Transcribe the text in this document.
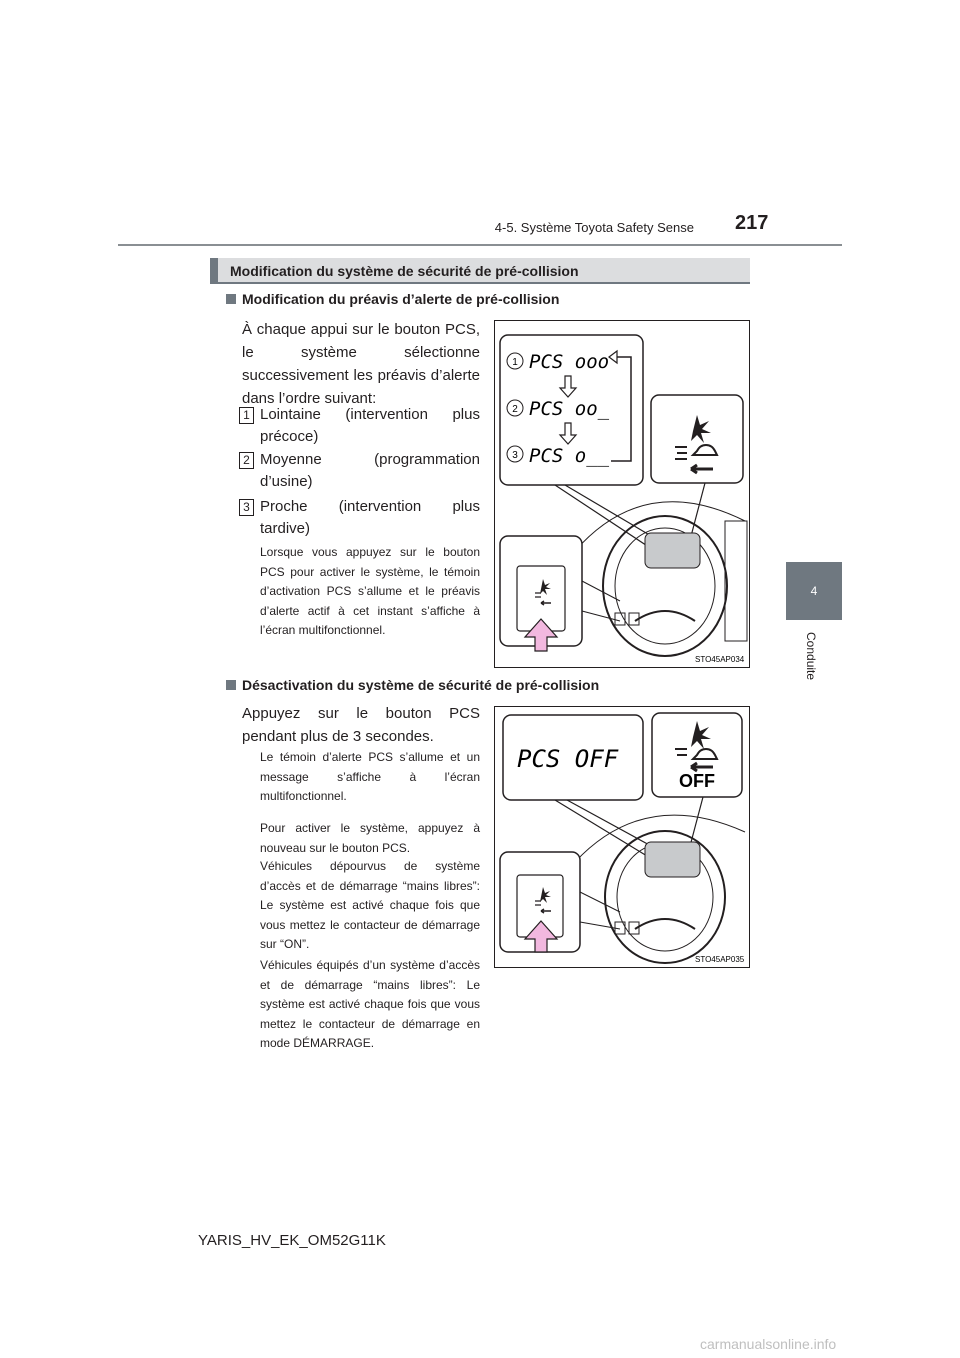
4-5. Système Toyota Safety Sense 217
4
Conduite
Modification du système de sécurité de pré-collision
Modification du préavis d’alerte de pré-collision
À chaque appui sur le bouton PCS, le système sélectionne successivement les préavis d’alerte dans l’ordre suivant:
1 Lointaine (intervention plus précoce)
2 Moyenne (programmation d’usine)
3 Proche (intervention plus tardive)
Lorsque vous appuyez sur le bouton PCS pour activer le système, le témoin d’activation PCS s’allume et le préavis d’alerte actif à cet instant s’affiche à l’écran multifonctionnel.
1
2
3
PCS ooo
PCS oo_
PCS o__
STO45AP034
Désactivation du système de sécurité de pré-collision
Appuyez sur le bouton PCS pendant plus de 3 secondes.
Le témoin d’alerte PCS s’allume et un message s’affiche à l’écran multifonctionnel.
Pour activer le système, appuyez à nouveau sur le bouton PCS.
Véhicules dépourvus de système d’accès et de démarrage “mains libres”: Le système est activé chaque fois que vous mettez le contacteur de démarrage sur “ON”.
Véhicules équipés d’un système d’accès et de démarrage “mains libres”: Le système est activé chaque fois que vous mettez le contacteur de démarrage en mode DÉMARRAGE.
PCS OFF
OFF
STO45AP035
YARIS_HV_EK_OM52G11K
carmanualsonline.info
